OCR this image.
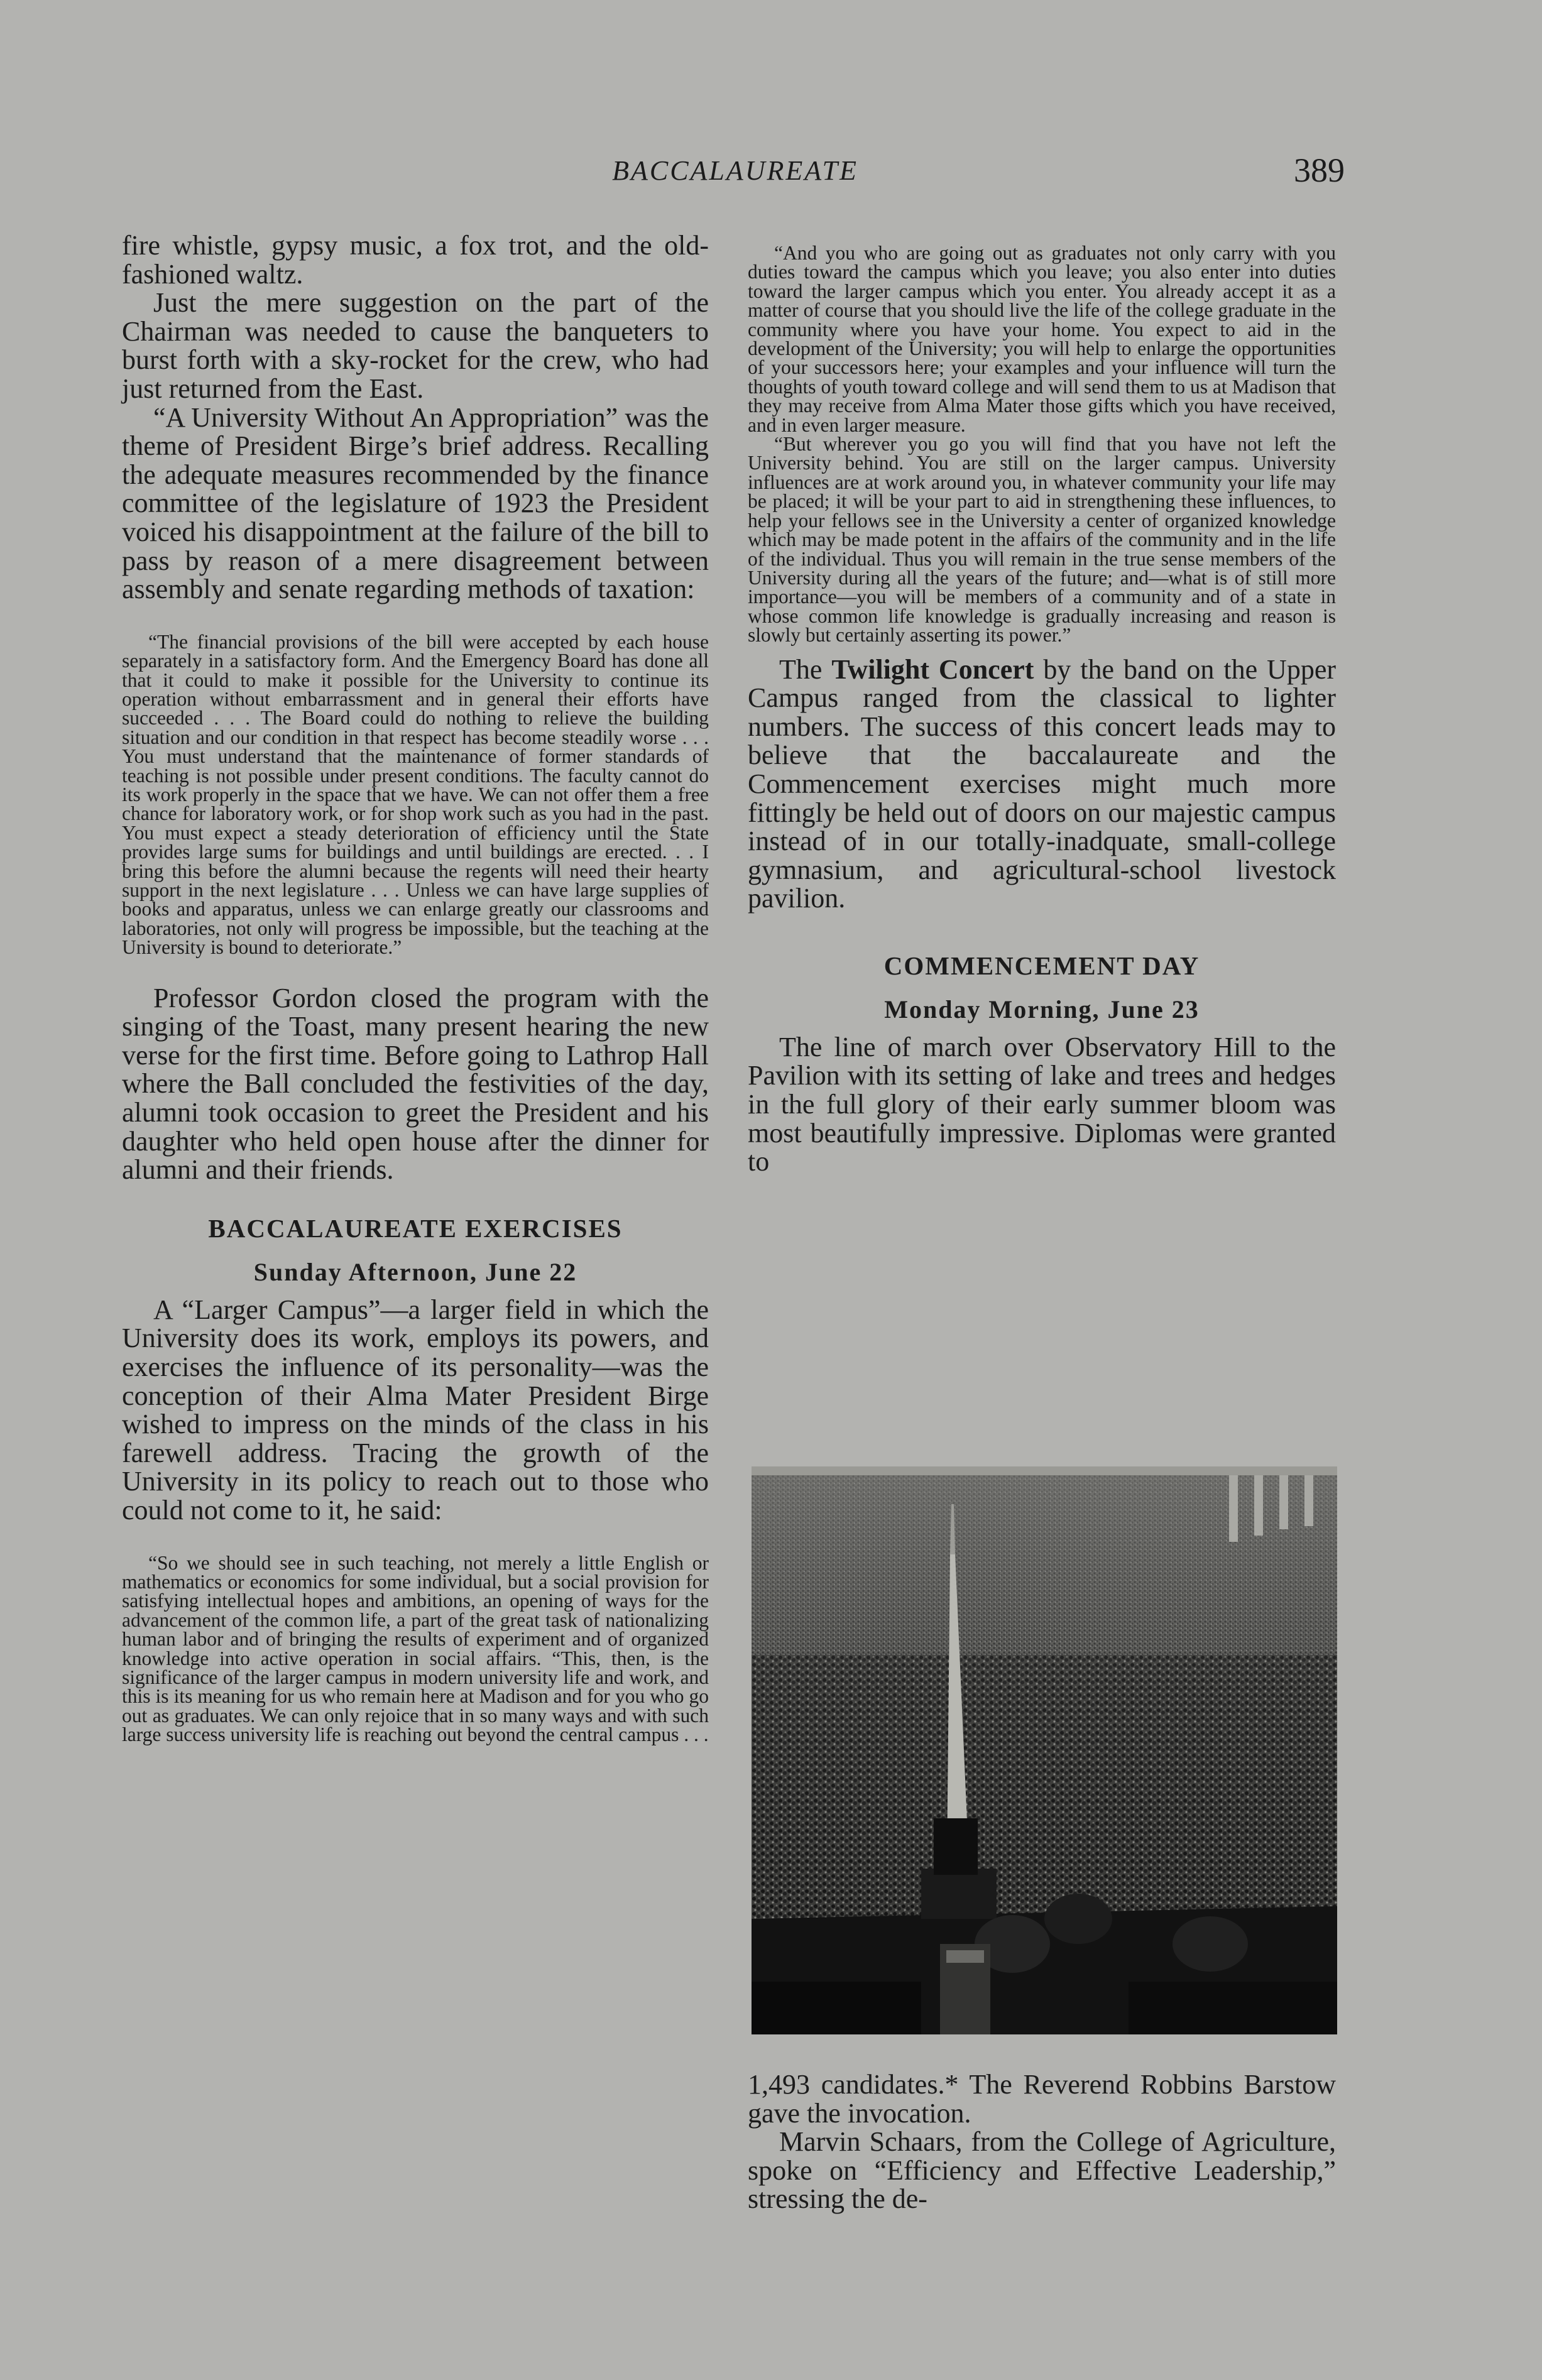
BACCALAUREATE	389

fire whistle, gypsy music, a fox trot, and the old-fashioned waltz.

Just the mere suggestion on the part of the Chairman was needed to cause the banqueters to burst forth with a sky-rocket for the crew, who had just returned from the East.

“A University Without An Appropriation” was the theme of President Birge’s brief address. Recalling the adequate measures recommended by the finance committee of the legislature of 1923 the President voiced his disappointment at the failure of the bill to pass by reason of a mere disagreement between assembly and senate regarding methods of taxation:

“The financial provisions of the bill were accepted by each house separately in a satisfactory form. And the Emergency Board has done all that it could to make it possible for the University to continue its operation without embarrassment and in general their efforts have succeeded . . . The Board could do nothing to relieve the building situation and our condition in that respect has become steadily worse . . . You must understand that the maintenance of former standards of teaching is not possible under present conditions. The faculty cannot do its work properly in the space that we have. We can not offer them a free chance for laboratory work, or for shop work such as you had in the past. You must expect a steady deterioration of efficiency until the State provides large sums for buildings and until buildings are erected. . . I bring this before the alumni because the regents will need their hearty support in the next legislature . . . Unless we can have large supplies of books and apparatus, unless we can enlarge greatly our classrooms and laboratories, not only will progress be impossible, but the teaching at the University is bound to deteriorate.”

Professor Gordon closed the program with the singing of the Toast, many present hearing the new verse for the first time. Before going to Lathrop Hall where the Ball concluded the festivities of the day, alumni took occasion to greet the President and his daughter who held open house after the dinner for alumni and their friends.

BACCALAUREATE EXERCISES
Sunday Afternoon, June 22

A “Larger Campus”—a larger field in which the University does its work, employs its powers, and exercises the influence of its personality—was the conception of their Alma Mater President Birge wished to impress on the minds of the class in his farewell address. Tracing the growth of the University in its policy to reach out to those who could not come to it, he said:

“So we should see in such teaching, not merely a little English or mathematics or economics for some individual, but a social provision for satisfying intellectual hopes and ambitions, an opening of ways for the advancement of the common life, a part of the great task of nationalizing human labor and of bringing the results of experiment and of organized knowledge into active operation in social affairs. “This, then, is the significance of the larger campus in modern university life and work, and this is its meaning for us who remain here at Madison and for you who go out as graduates. We can only rejoice that in so many ways and with such large success university life is reaching out beyond the central campus . . .

“And you who are going out as graduates not only carry with you duties toward the campus which you leave; you also enter into duties toward the larger campus which you enter. You already accept it as a matter of course that you should live the life of the college graduate in the community where you have your home. You expect to aid in the development of the University; you will help to enlarge the opportunities of your successors here; your examples and your influence will turn the thoughts of youth toward college and will send them to us at Madison that they may receive from Alma Mater those gifts which you have received, and in even larger measure.

“But wherever you go you will find that you have not left the University behind. You are still on the larger campus. University influences are at work around you, in whatever community your life may be placed; it will be your part to aid in strengthening these influences, to help your fellows see in the University a center of organized knowledge which may be made potent in the affairs of the community and in the life of the individual. Thus you will remain in the true sense members of the University during all the years of the future; and—what is of still more importance—you will be members of a community and of a state in whose common life knowledge is gradually increasing and reason is slowly but certainly asserting its power.”

The Twilight Concert by the band on the Upper Campus ranged from the classical to lighter numbers. The success of this concert leads may to believe that the baccalaureate and the Commencement exercises might much more fittingly be held out of doors on our majestic campus instead of in our totally-inadquate, small-college gymnasium, and agricultural-school livestock pavilion.

COMMENCEMENT DAY
Monday Morning, June 23

The line of march over Observatory Hill to the Pavilion with its setting of lake and trees and hedges in the full glory of their early summer bloom was most beautifully impressive. Diplomas were granted to

1,493 candidates.* The Reverend Robbins Barstow gave the invocation.

Marvin Schaars, from the College of Agriculture, spoke on “Efficiency and Effective Leadership,” stressing the de-
